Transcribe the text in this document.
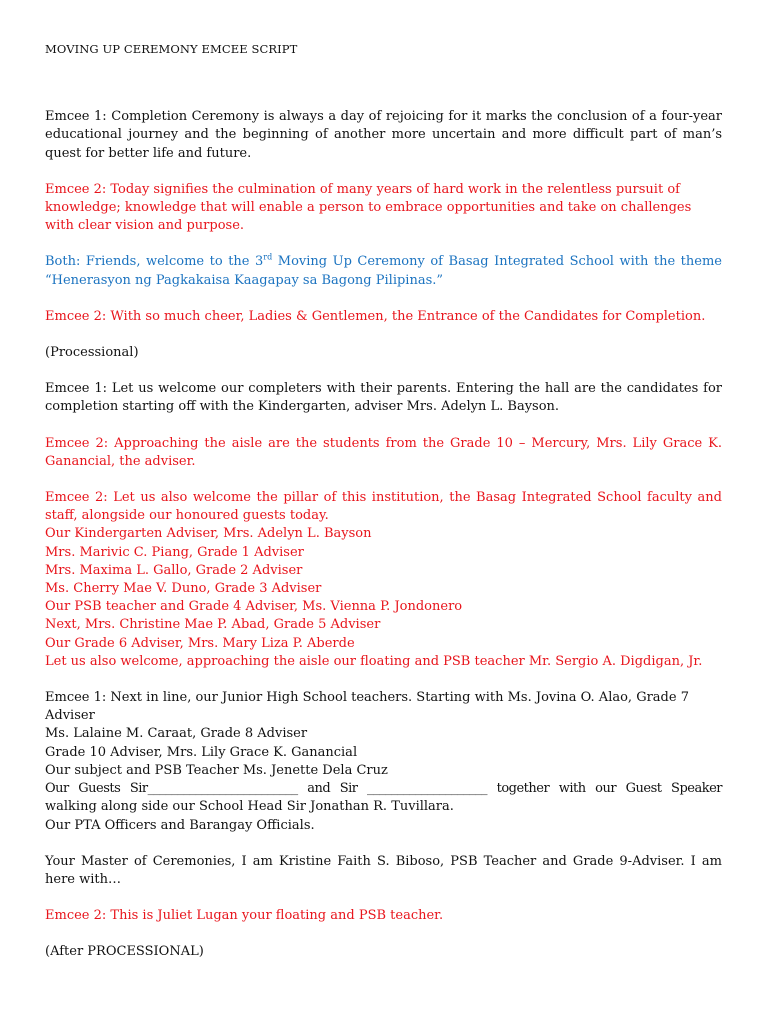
MOVING UP CEREMONY EMCEE SCRIPT
Emcee 1: Completion Ceremony is always a day of rejoicing for it marks the conclusion of a four-year educational journey and the beginning of another more uncertain and more difficult part of man’s quest for better life and future.
Emcee 2: Today signifies the culmination of many years of hard work in the relentless pursuit of
knowledge; knowledge that will enable a person to embrace opportunities and take on challenges
with clear vision and purpose.
Both: Friends, welcome to the 3rd Moving Up Ceremony of Basag Integrated School with the theme “Henerasyon ng Pagkakaisa Kaagapay sa Bagong Pilipinas.”
Emcee 2: With so much cheer, Ladies & Gentlemen, the Entrance of the Candidates for Completion.
(Processional)
Emcee 1: Let us welcome our completers with their parents. Entering the hall are the candidates for completion starting off with the Kindergarten, adviser Mrs. Adelyn L. Bayson.
Emcee 2: Approaching the aisle are the students from the Grade 10 – Mercury, Mrs. Lily Grace K. Ganancial, the adviser.
Emcee 2: Let us also welcome the pillar of this institution, the Basag Integrated School faculty and staff, alongside our honoured guests today.
Our Kindergarten Adviser, Mrs. Adelyn L. Bayson
Mrs. Marivic C. Piang, Grade 1 Adviser
Mrs. Maxima L. Gallo, Grade 2 Adviser
Ms. Cherry Mae V. Duno, Grade 3 Adviser
Our PSB teacher and Grade 4 Adviser, Ms. Vienna P. Jondonero
Next, Mrs. Christine Mae P. Abad, Grade 5 Adviser
Our Grade 6 Adviser, Mrs. Mary Liza P. Aberde
Let us also welcome, approaching the aisle our floating and PSB teacher Mr. Sergio A. Digdigan, Jr.
Emcee 1: Next in line, our Junior High School teachers. Starting with Ms. Jovina O. Alao, Grade 7 Adviser
Ms. Lalaine M. Caraat, Grade 8 Adviser
Grade 10 Adviser, Mrs. Lily Grace K. Ganancial
Our subject and PSB Teacher Ms. Jenette Dela Cruz
Our Guests Sir_________________________ and Sir ____________________ together with our Guest Speaker
walking along side our School Head Sir Jonathan R. Tuvillara.
Our PTA Officers and Barangay Officials.
Your Master of Ceremonies, I am Kristine Faith S. Biboso, PSB Teacher and Grade 9-Adviser. I am here with…
Emcee 2: This is Juliet Lugan your floating and PSB teacher.
(After PROCESSIONAL)
